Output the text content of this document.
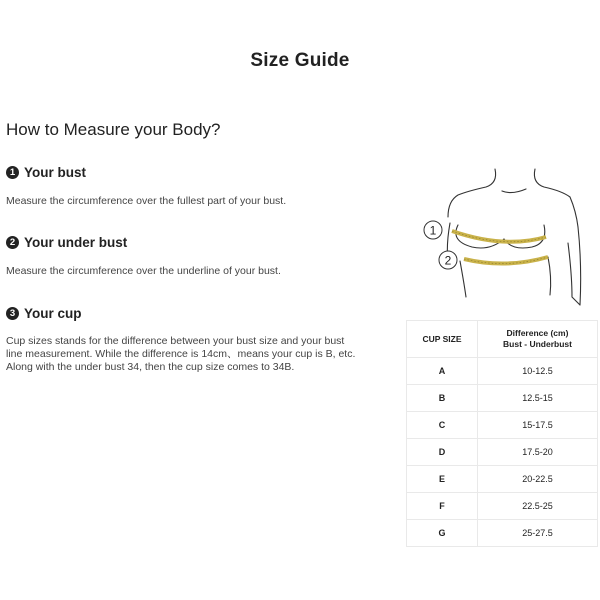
Size Guide
How to Measure your Body?
1 Your bust
Measure the circumference over the fullest part of your bust.
2 Your under bust
Measure the circumference over the underline of your bust.
3 Your cup
Cup sizes stands for the difference between your bust size and your bust
line measurement. While the difference is 14cm、means your cup is B, etc.
Along with the under bust 34, then the cup size comes to 34B.
1
2
CUP SIZE	Difference (cm)
Bust - Underbust

A	10-12.5
B	12.5-15
C	15-17.5
D	17.5-20
E	20-22.5
F	22.5-25
G	25-27.5
